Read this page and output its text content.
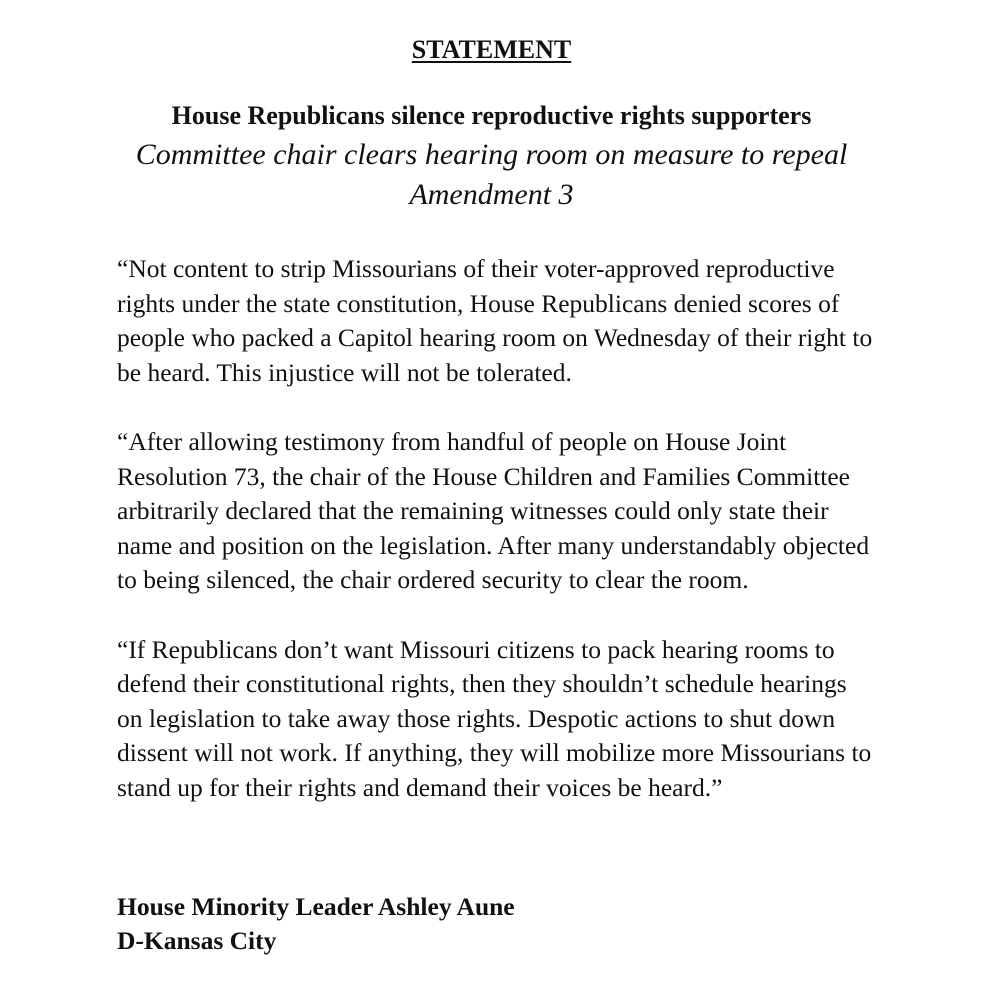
STATEMENT
House Republicans silence reproductive rights supporters

Committee chair clears hearing room on measure to repeal Amendment 3

“Not content to strip Missourians of their voter-approved reproductive rights under the state constitution, House Republicans denied scores of people who packed a Capitol hearing room on Wednesday of their right to be heard. This injustice will not be tolerated.

“After allowing testimony from handful of people on House Joint Resolution 73, the chair of the House Children and Families Committee arbitrarily declared that the remaining witnesses could only state their name and position on the legislation. After many understandably objected to being silenced, the chair ordered security to clear the room.

“If Republicans don’t want Missouri citizens to pack hearing rooms to defend their constitutional rights, then they shouldn’t schedule hearings on legislation to take away those rights. Despotic actions to shut down dissent will not work. If anything, they will mobilize more Missourians to stand up for their rights and demand their voices be heard.”

House Minority Leader Ashley Aune
D-Kansas City
